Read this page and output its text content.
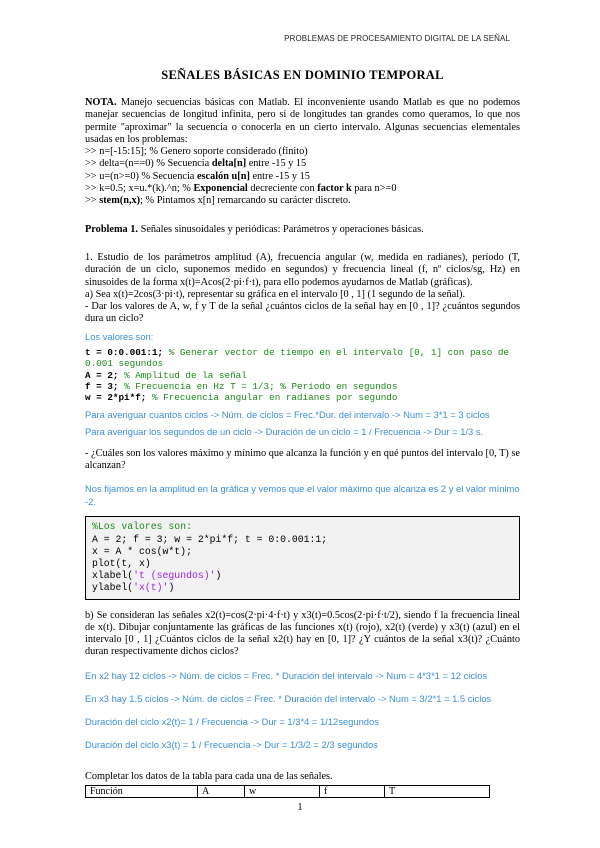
PROBLEMAS DE PROCESAMIENTO DIGITAL DE LA SEÑAL
SEÑALES BÁSICAS EN DOMINIO TEMPORAL

NOTA. Manejo secuencias básicas con Matlab. El inconveniente usando Matlab es que no podemos manejar secuencias de longitud infinita, pero sí de longitudes tan grandes como queramos, lo que nos permite "aproximar" la secuencia o conocerla en un cierto intervalo. Algunas secuencias elementales usadas en los problemas:

>> n=[-15:15]; % Genero soporte considerado (finito)

>> delta=(n==0) % Secuencia delta[n] entre -15 y 15

>> u=(n>=0) % Secuencia escalón u[n] entre -15 y 15

>> k=0.5; x=u.*(k).^n; % Exponencial decreciente con factor k para n>=0

>> stem(n,x); % Pintamos x[n] remarcando su carácter discreto.

Problema 1. Señales sinusoidales y periódicas: Parámetros y operaciones básicas.

1. Estudio de los parámetros amplitud (A), frecuencia angular (w, medida en radianes), período (T, duración de un ciclo, suponemos medido en segundos) y frecuencia lineal (f, nº ciclos/sg, Hz) en sinusoides de la forma x(t)=Acos(2·pi·f·t), para ello podemos ayudarnos de Matlab (gráficas).

a) Sea x(t)=2cos(3·pi·t), representar su gráfica en el intervalo [0 , 1] (1 segundo de la señal).

- Dar los valores de A, w, f y T de la señal ¿cuántos ciclos de la señal hay en [0 , 1]? ¿cuántos segundos dura un ciclo?

Los valores son:

t = 0:0.001:1; % Generar vector de tiempo en el intervalo [0, 1] con paso de 0.001 segundos

A = 2; % Amplitud de la señal

f = 3; % Frecuencia en Hz T = 1/3; % Período en segundos

w = 2*pi*f; % Frecuencia angular en radianes por segundo

Para averiguar cuantos ciclos -> Núm. de ciclos = Frec.*Dur. del intervalo -> Num = 3*1 = 3 ciclos

Para averiguar los segundos de un ciclo -> Duración de un ciclo = 1 / Frecuencia -> Dur = 1/3 s.

- ¿Cuáles son los valores máximo y mínimo que alcanza la función y en qué puntos del intervalo [0, T) se alcanzan?

Nos fijamos en la amplitud en la gráfica y vemos que el valor máximo que alcanza es 2 y el valor mínimo -2.

%Los valores son:

A = 2; f = 3; w = 2*pi*f; t = 0:0.001:1;

x = A * cos(w*t);

plot(t, x)

xlabel('t (segundos)')

ylabel('x(t)')

b) Se consideran las señales x2(t)=cos(2·pi·4·f·t) y x3(t)=0.5cos(2·pi·f·t/2), siendo f la frecuencia lineal de x(t). Dibujar conjuntamente las gráficas de las funciones x(t) (rojo), x2(t) (verde) y x3(t) (azul) en el intervalo [0 , 1] ¿Cuántos ciclos de la señal x2(t) hay en [0, 1]? ¿Y cuántos de la señal x3(t)? ¿Cuánto duran respectivamente dichos ciclos?

En x2 hay 12 ciclos -> Núm. de ciclos = Frec. * Duración del intervalo -> Num = 4*3*1 = 12 ciclos

En x3 hay 1.5 ciclos -> Núm. de ciclos = Frec. * Duración del intervalo -> Num = 3/2*1 = 1.5 ciclos

Duración del ciclo x2(t)= 1 / Frecuencia -> Dur = 1/3*4 = 1/12segundos

Duración del ciclo x3(t) = 1 / Frecuencia -> Dur = 1/3/2 = 2/3 segundos

Completar los datos de la tabla para cada una de las señales.

Función	A	w	f	T
1
